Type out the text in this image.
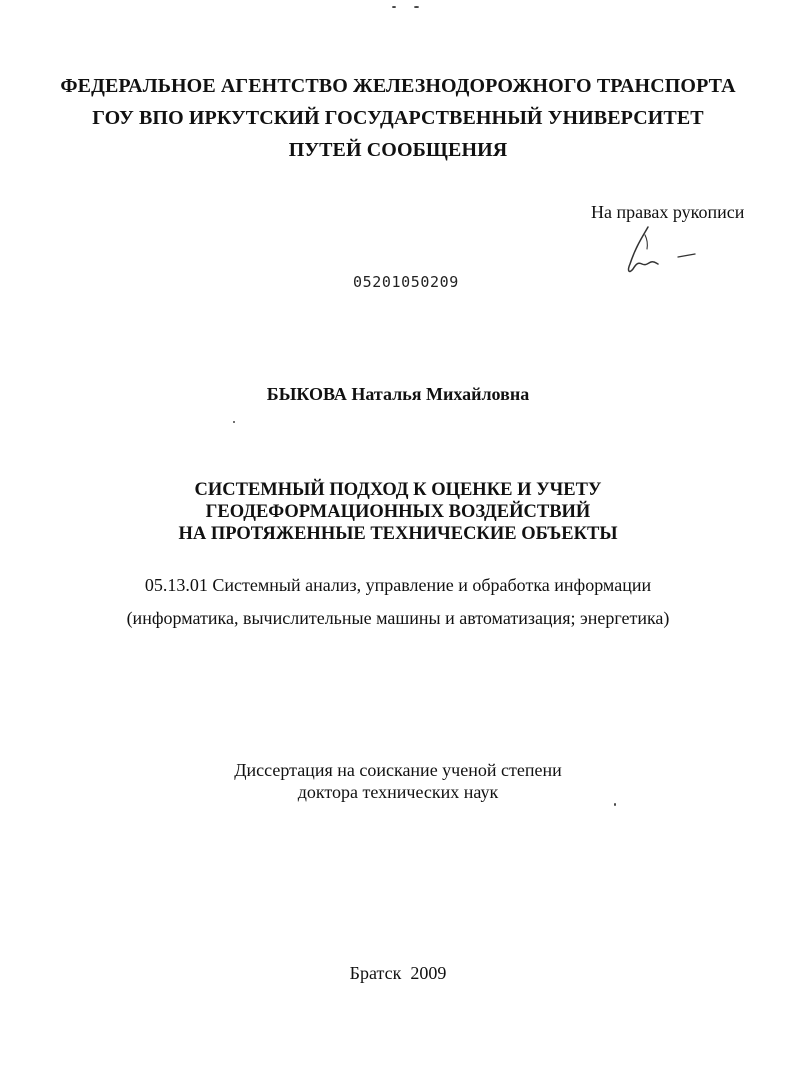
ФЕДЕРАЛЬНОЕ АГЕНТСТВО ЖЕЛЕЗНОДОРОЖНОГО ТРАНСПОРТА
ГОУ ВПО ИРКУТСКИЙ ГОСУДАРСТВЕННЫЙ УНИВЕРСИТЕТ
ПУТЕЙ СООБЩЕНИЯ
На правах рукописи
05201050209
БЫКОВА Наталья Михайловна
СИСТЕМНЫЙ ПОДХОД К ОЦЕНКЕ И УЧЕТУ
ГЕОДЕФОРМАЦИОННЫХ ВОЗДЕЙСТВИЙ
НА ПРОТЯЖЕННЫЕ ТЕХНИЧЕСКИЕ ОБЪЕКТЫ
05.13.01 Системный анализ, управление и обработка информации
(информатика, вычислительные машины и автоматизация; энергетика)
Диссертация на соискание ученой степени
доктора технических наук
Братск  2009
